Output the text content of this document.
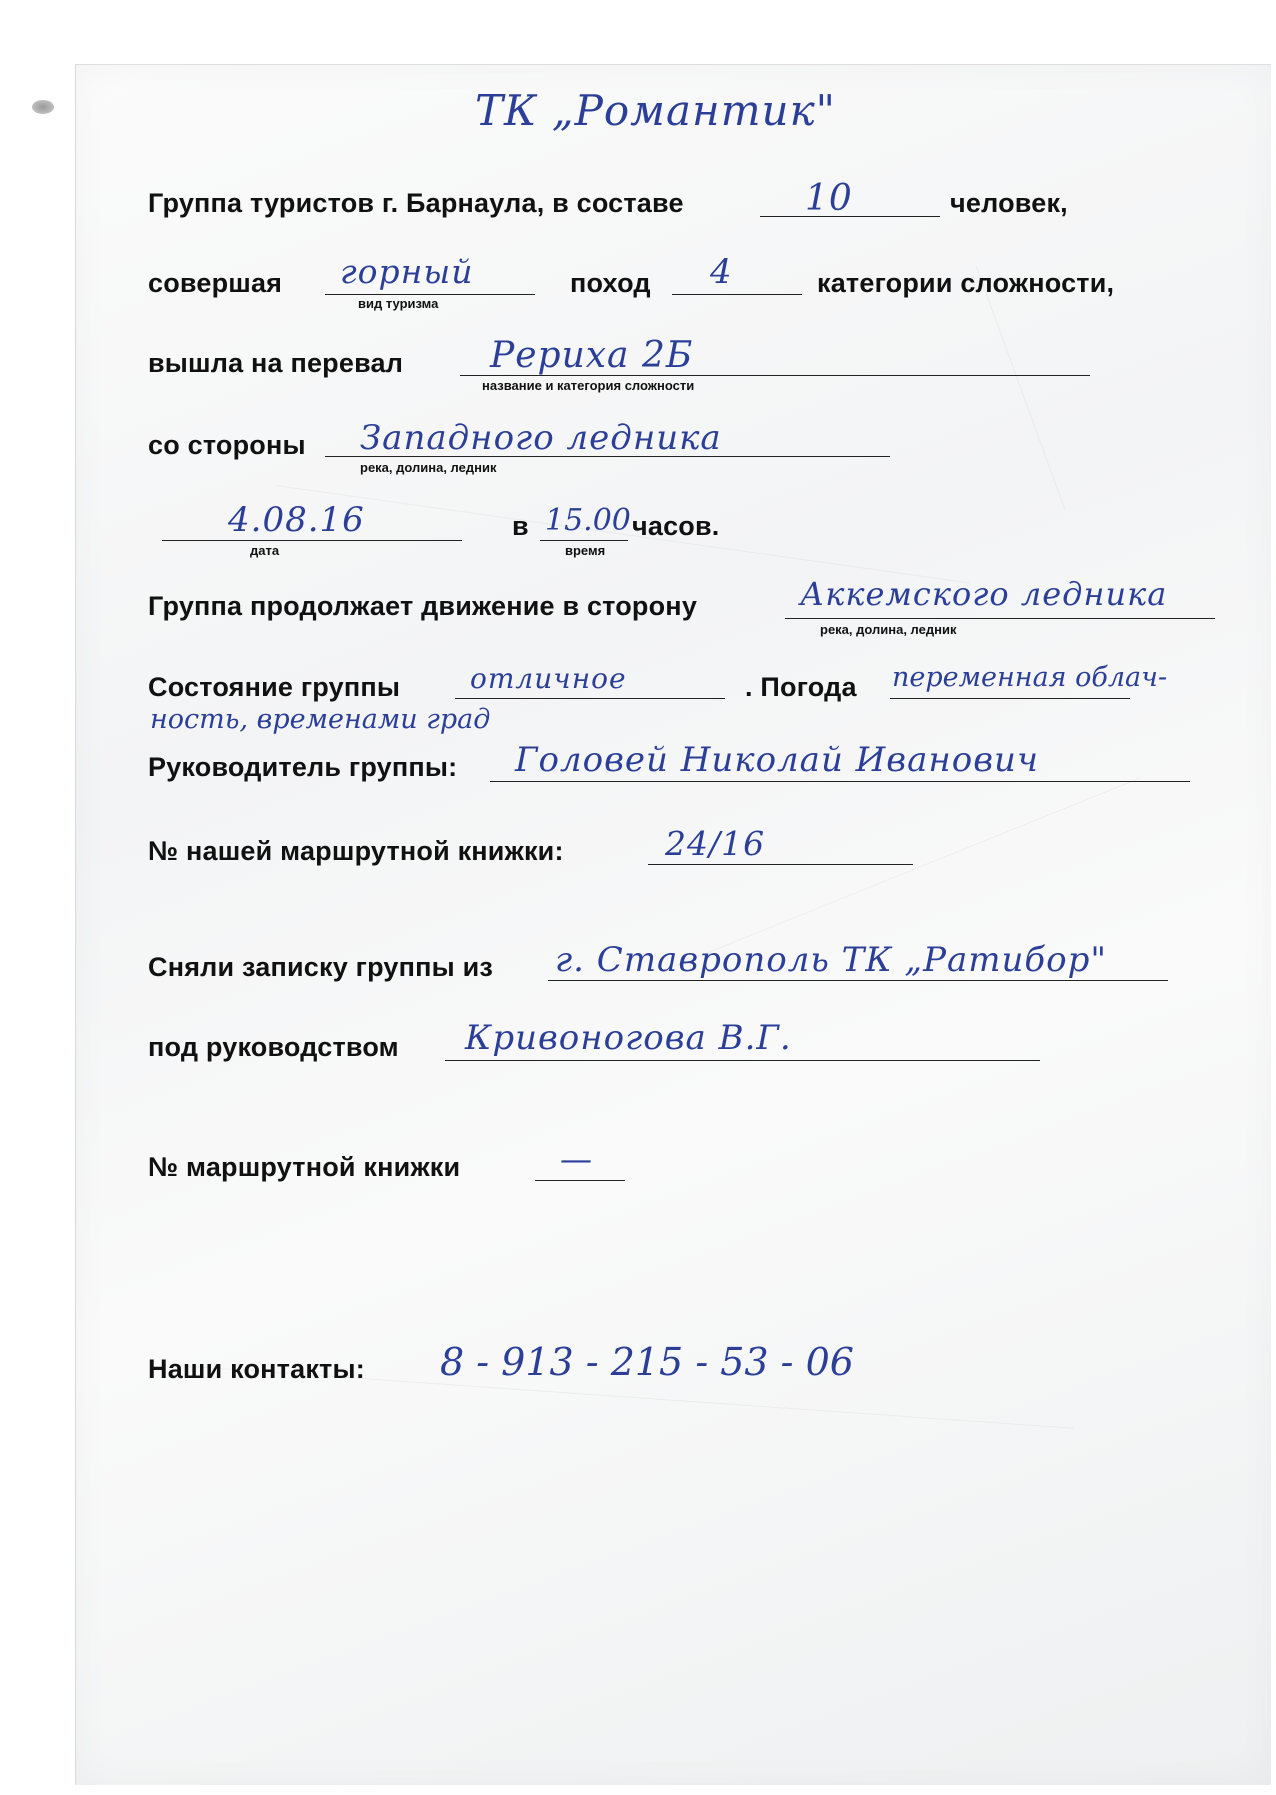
ТК „Романтик"
Группа туристов г. Барнаула, в составе	10	человек,
совершая горный
вид туризма
поход 4	категории сложности,
вышла на перевал Рериха 2Б
название и категория сложности
со стороны Западного ледника
река, долина, ледник
4.08.16
дата
в 15.00
время
часов.
Группа продолжает движение в сторону	Аккемского ледника
река, долина, ледник
Состояние группы отличное	. Погода переменная облач-
ность, временами град
Руководитель группы: Головей Николай Иванович
№ нашей маршрутной книжки:	24/16
Сняли записку группы из г. Ставрополь ТК „Ратибор"
под руководством Кривоногова В.Г.
№ маршрутной книжки	—
Наши контакты: 8 - 913 - 215 - 53 - 06
